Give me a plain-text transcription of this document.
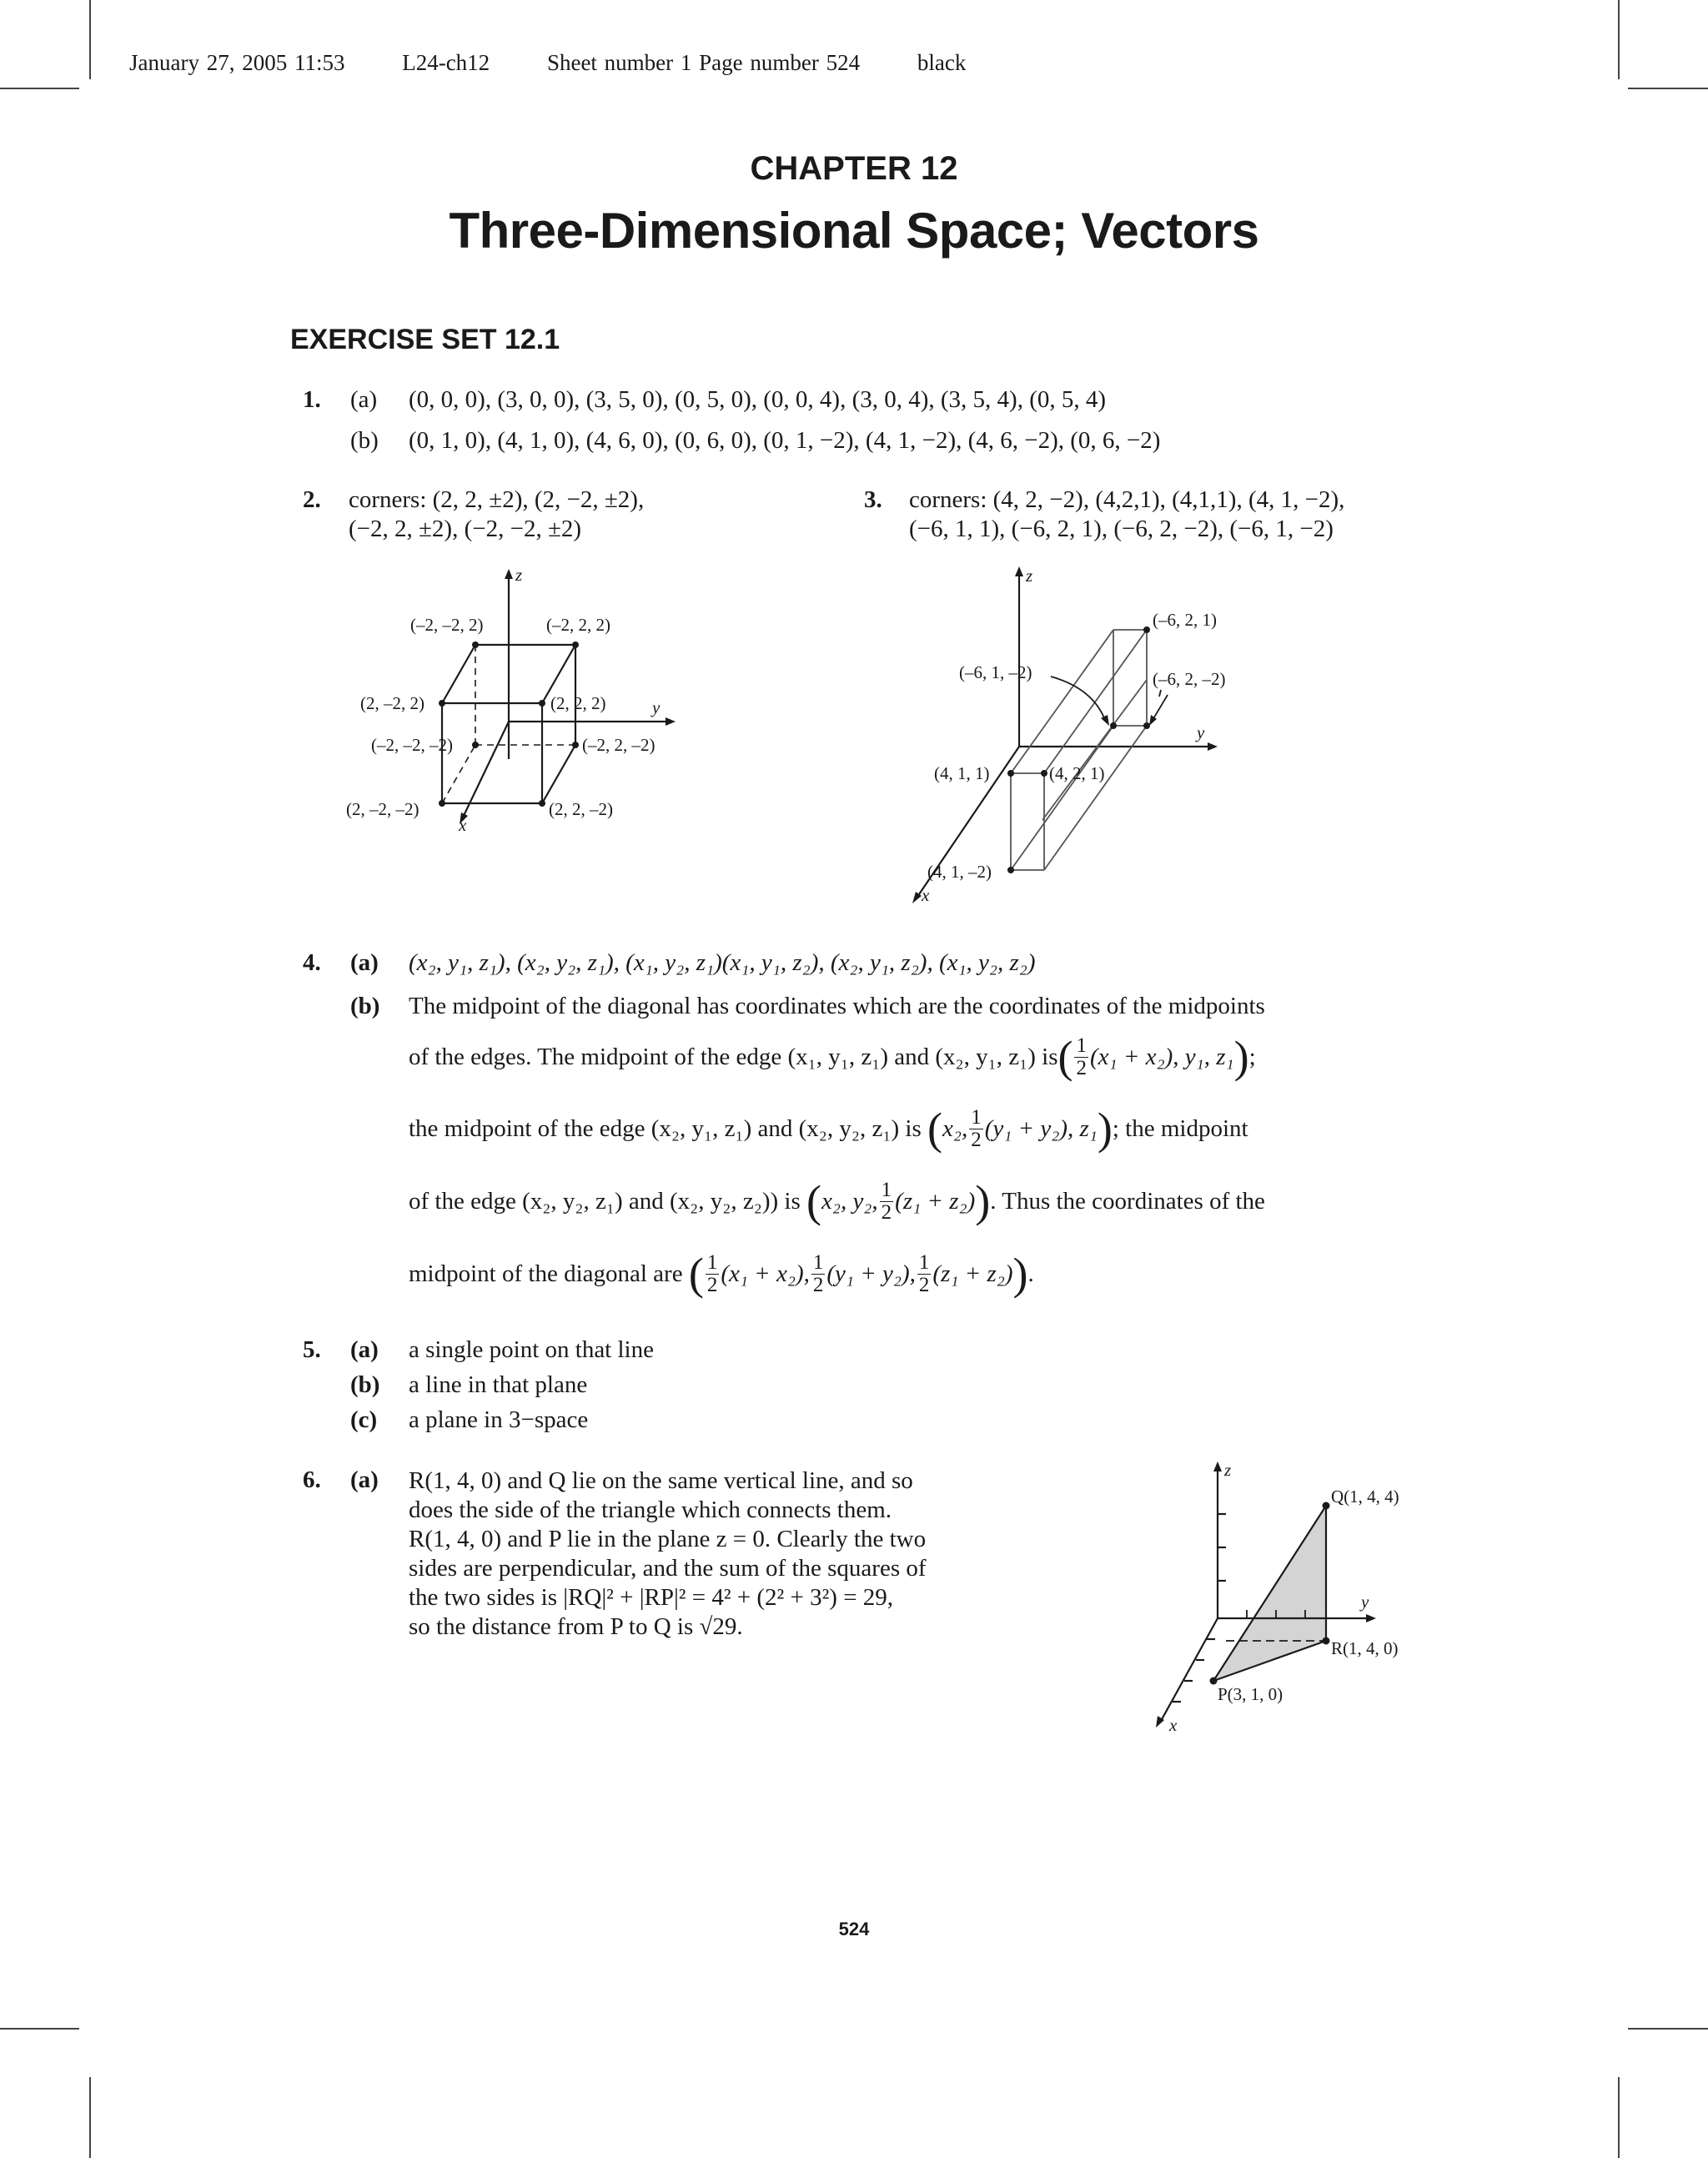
January 27, 2005 11:53	L24-ch12	Sheet number 1 Page number 524	black
CHAPTER 12
Three-Dimensional Space; Vectors
EXERCISE SET 12.1
1. (a) (0, 0, 0), (3, 0, 0), (3, 5, 0), (0, 5, 0), (0, 0, 4), (3, 0, 4), (3, 5, 4), (0, 5, 4)
(b) (0, 1, 0), (4, 1, 0), (4, 6, 0), (0, 6, 0), (0, 1, −2), (4, 1, −2), (4, 6, −2), (0, 6, −2)
2. corners: (2, 2, ±2), (2, −2, ±2),
(−2, 2, ±2), (−2, −2, ±2)
z
y
x
(–2, –2, 2)	(–2, 2, 2)
(2, –2, 2)	(2, 2, 2)
(–2, –2, –2)	(–2, 2, –2)
(2, –2, –2)	(2, 2, –2)
3. corners: (4, 2, −2), (4,2,1), (4,1,1), (4, 1, −2),
(−6, 1, 1), (−6, 2, 1), (−6, 2, −2), (−6, 1, −2)
z
y
x
(–6, 2, 1)
(–6, 1, –2)	(–6, 2, –2)
(4, 1, 1)	(4, 2, 1)
(4, 1, –2)
4. (a) (x₂, y₁, z₁), (x₂, y₂, z₁), (x₁, y₂, z₁)(x₁, y₁, z₂), (x₂, y₁, z₂), (x₁, y₂, z₂)
(b) The midpoint of the diagonal has coordinates which are the coordinates of the midpoints
of the edges. The midpoint of the edge (x₁, y₁, z₁) and (x₂, y₁, z₁) is ( $\frac{1}{2} (x_1 + x_2)$, y₁, z₁ ) ;
the midpoint of the edge (x₂, y₁, z₁) and (x₂, y₂, z₁) is
( x₂, $\frac{1}{2} (y_1 + y_2)$, z₁ ) ; the midpoint
of the edge (x₂, y₂, z₁) and (x₂, y₂, z₂)) is
( x₂, y₂, $\frac{1}{2} (z_1 + z_2)$ ) . Thus the coordinates of the
midpoint of the diagonal are
( $\frac{1}{2} (x_1 + x_2)$, $\frac{1}{2} (y_1 + y_2)$, $\frac{1}{2} (z_1 + z_2)$ ) .
5. (a) a single point on that line
(b) a line in that plane
(c) a plane in 3−space
6. (a) R(1, 4, 0) and Q lie on the same vertical line, and so
does the side of the triangle which connects them.
R(1, 4, 0) and P lie in the plane z = 0. Clearly the two
sides are perpendicular, and the sum of the squares of
the two sides is |RQ|² + |RP|² = 4² + (2² + 3²) = 29,
so the distance from P to Q is √29.
z
y
x
Q(1, 4, 4)
R(1, 4, 0)
P(3, 1, 0)
524
